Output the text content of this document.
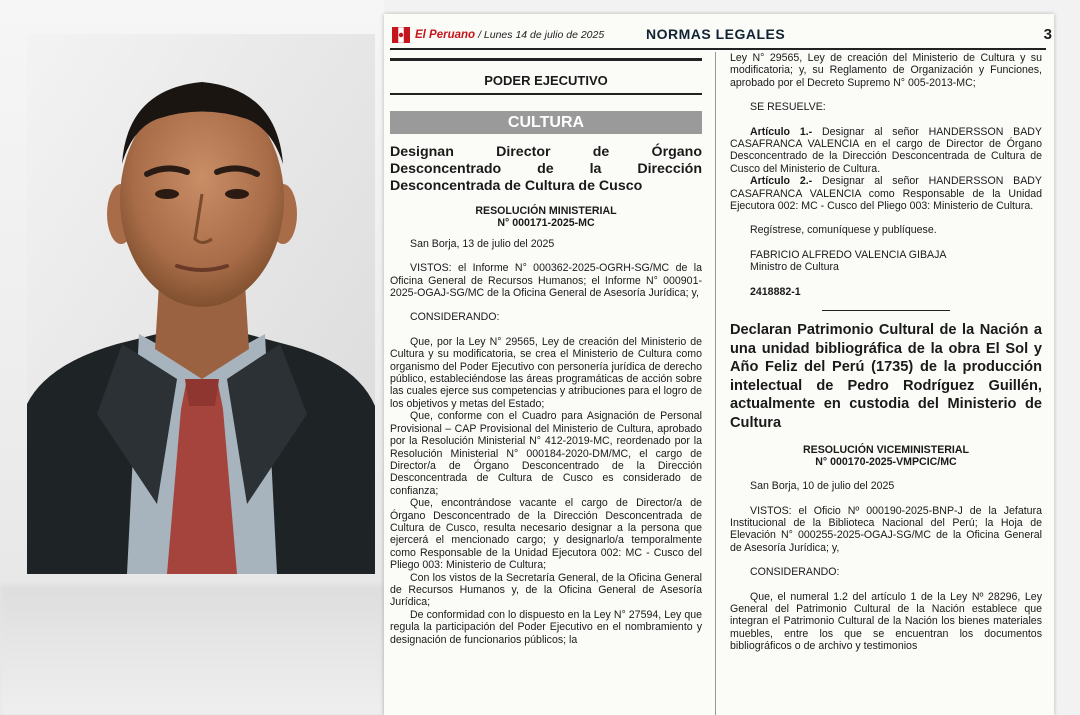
El Peruano / Lunes 14 de julio de 2025	NORMAS LEGALES	3
PODER EJECUTIVO
CULTURA
Designan Director de Órgano Desconcentrado de la Dirección Desconcentrada de Cultura de Cusco
RESOLUCIÓN MINISTERIAL
N° 000171-2025-MC

San Borja, 13 de julio del 2025

VISTOS: el Informe N° 000362-2025-OGRH-SG/MC de la Oficina General de Recursos Humanos; el Informe N° 000901-2025-OGAJ-SG/MC de la Oficina General de Asesoría Jurídica; y,

CONSIDERANDO:

Que, por la Ley N° 29565, Ley de creación del Ministerio de Cultura y su modificatoria, se crea el Ministerio de Cultura como organismo del Poder Ejecutivo con personería jurídica de derecho público, estableciéndose las áreas programáticas de acción sobre las cuales ejerce sus competencias y atribuciones para el logro de los objetivos y metas del Estado;

Que, conforme con el Cuadro para Asignación de Personal Provisional – CAP Provisional del Ministerio de Cultura, aprobado por la Resolución Ministerial N° 412-2019-MC, reordenado por la Resolución Ministerial N° 000184-2020-DM/MC, el cargo de Director/a de Órgano Desconcentrado de la Dirección Desconcentrada de Cultura de Cusco es considerado de confianza;

Que, encontrándose vacante el cargo de Director/a de Órgano Desconcentrado de la Dirección Desconcentrada de Cultura de Cusco, resulta necesario designar a la persona que ejercerá el mencionado cargo; y designarlo/a temporalmente como Responsable de la Unidad Ejecutora 002: MC - Cusco del Pliego 003: Ministerio de Cultura;

Con los vistos de la Secretaría General, de la Oficina General de Recursos Humanos y, de la Oficina General de Asesoría Jurídica;

De conformidad con lo dispuesto en la Ley N° 27594, Ley que regula la participación del Poder Ejecutivo en el nombramiento y designación de funcionarios públicos; la

Ley N° 29565, Ley de creación del Ministerio de Cultura y su modificatoria; y, su Reglamento de Organización y Funciones, aprobado por el Decreto Supremo N° 005-2013-MC;

SE RESUELVE:

Artículo 1.- Designar al señor HANDERSSON BADY CASAFRANCA VALENCIA en el cargo de Director de Órgano Desconcentrado de la Dirección Desconcentrada de Cultura de Cusco del Ministerio de Cultura.

Artículo 2.- Designar al señor HANDERSSON BADY CASAFRANCA VALENCIA como Responsable de la Unidad Ejecutora 002: MC - Cusco del Pliego 003: Ministerio de Cultura.

Regístrese, comuníquese y publíquese.

FABRICIO ALFREDO VALENCIA GIBAJA

Ministro de Cultura

2418882-1

Declaran Patrimonio Cultural de la Nación a una unidad bibliográfica de la obra El Sol y Año Feliz del Perú (1735) de la producción intelectual de Pedro Rodríguez Guillén, actualmente en custodia del Ministerio de Cultura
RESOLUCIÓN VICEMINISTERIAL
N° 000170-2025-VMPCIC/MC

San Borja, 10 de julio del 2025

VISTOS: el Oficio Nº 000190-2025-BNP-J de la Jefatura Institucional de la Biblioteca Nacional del Perú; la Hoja de Elevación N° 000255-2025-OGAJ-SG/MC de la Oficina General de Asesoría Jurídica; y,

CONSIDERANDO:

Que, el numeral 1.2 del artículo 1 de la Ley Nº 28296, Ley General del Patrimonio Cultural de la Nación establece que integran el Patrimonio Cultural de la Nación los bienes materiales muebles, entre los que se encuentran los documentos bibliográficos o de archivo y testimonios
